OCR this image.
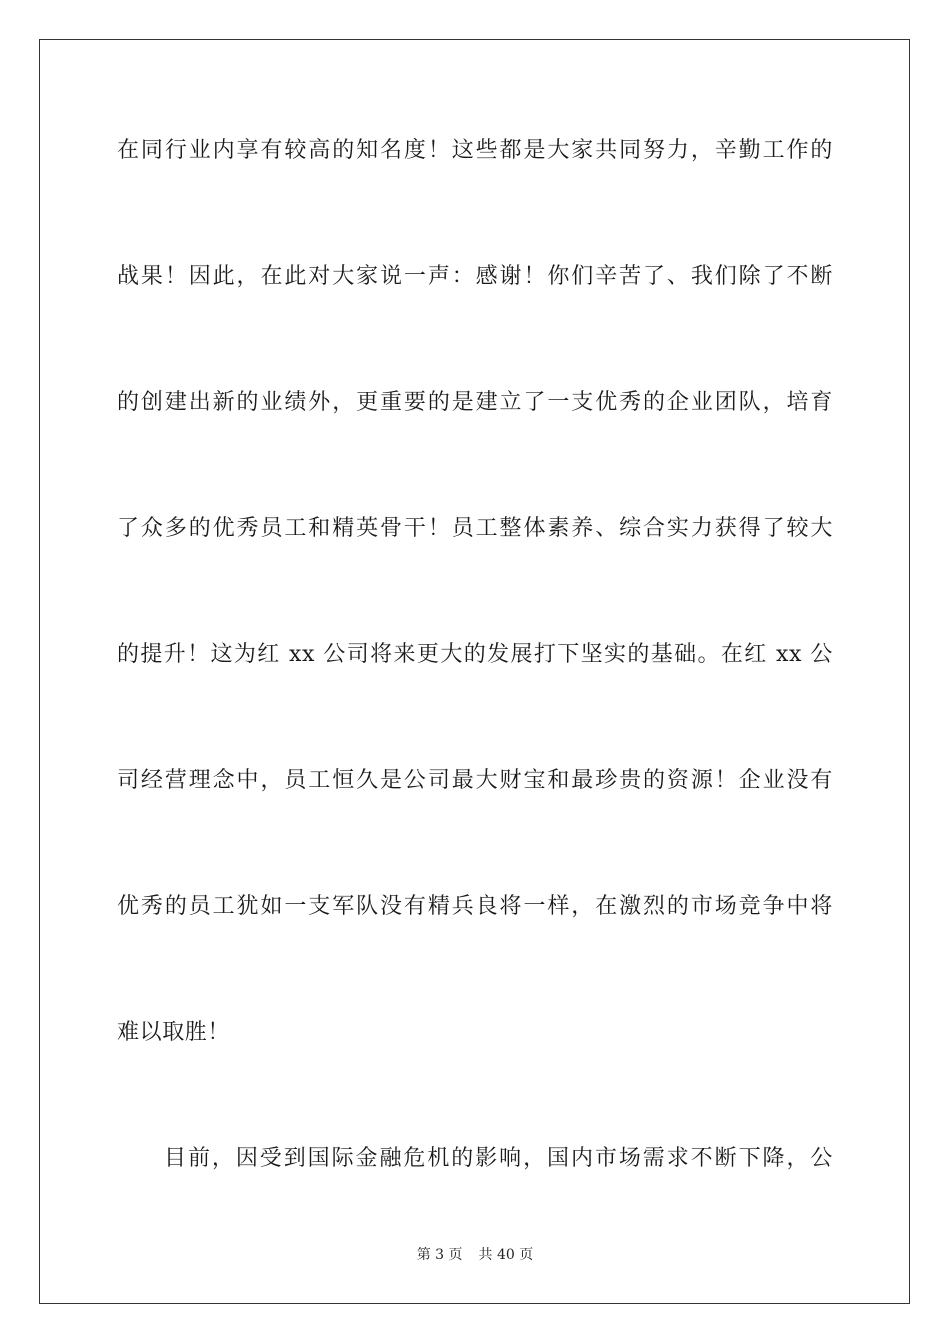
在同行业内享有较高的知名度！这些都是大家共同努力，辛勤工作的
战果！因此，在此对大家说一声：感谢！你们辛苦了、我们除了不断
的创建出新的业绩外，更重要的是建立了一支优秀的企业团队，培育
了众多的优秀员工和精英骨干！员工整体素养、综合实力获得了较大
的提升！这为红 xx 公司将来更大的发展打下坚实的基础。在红 xx 公
司经营理念中，员工恒久是公司最大财宝和最珍贵的资源！企业没有
优秀的员工犹如一支军队没有精兵良将一样，在激烈的市场竞争中将
难以取胜！
目前，因受到国际金融危机的影响，国内市场需求不断下降，公
第 3 页 共 40 页
